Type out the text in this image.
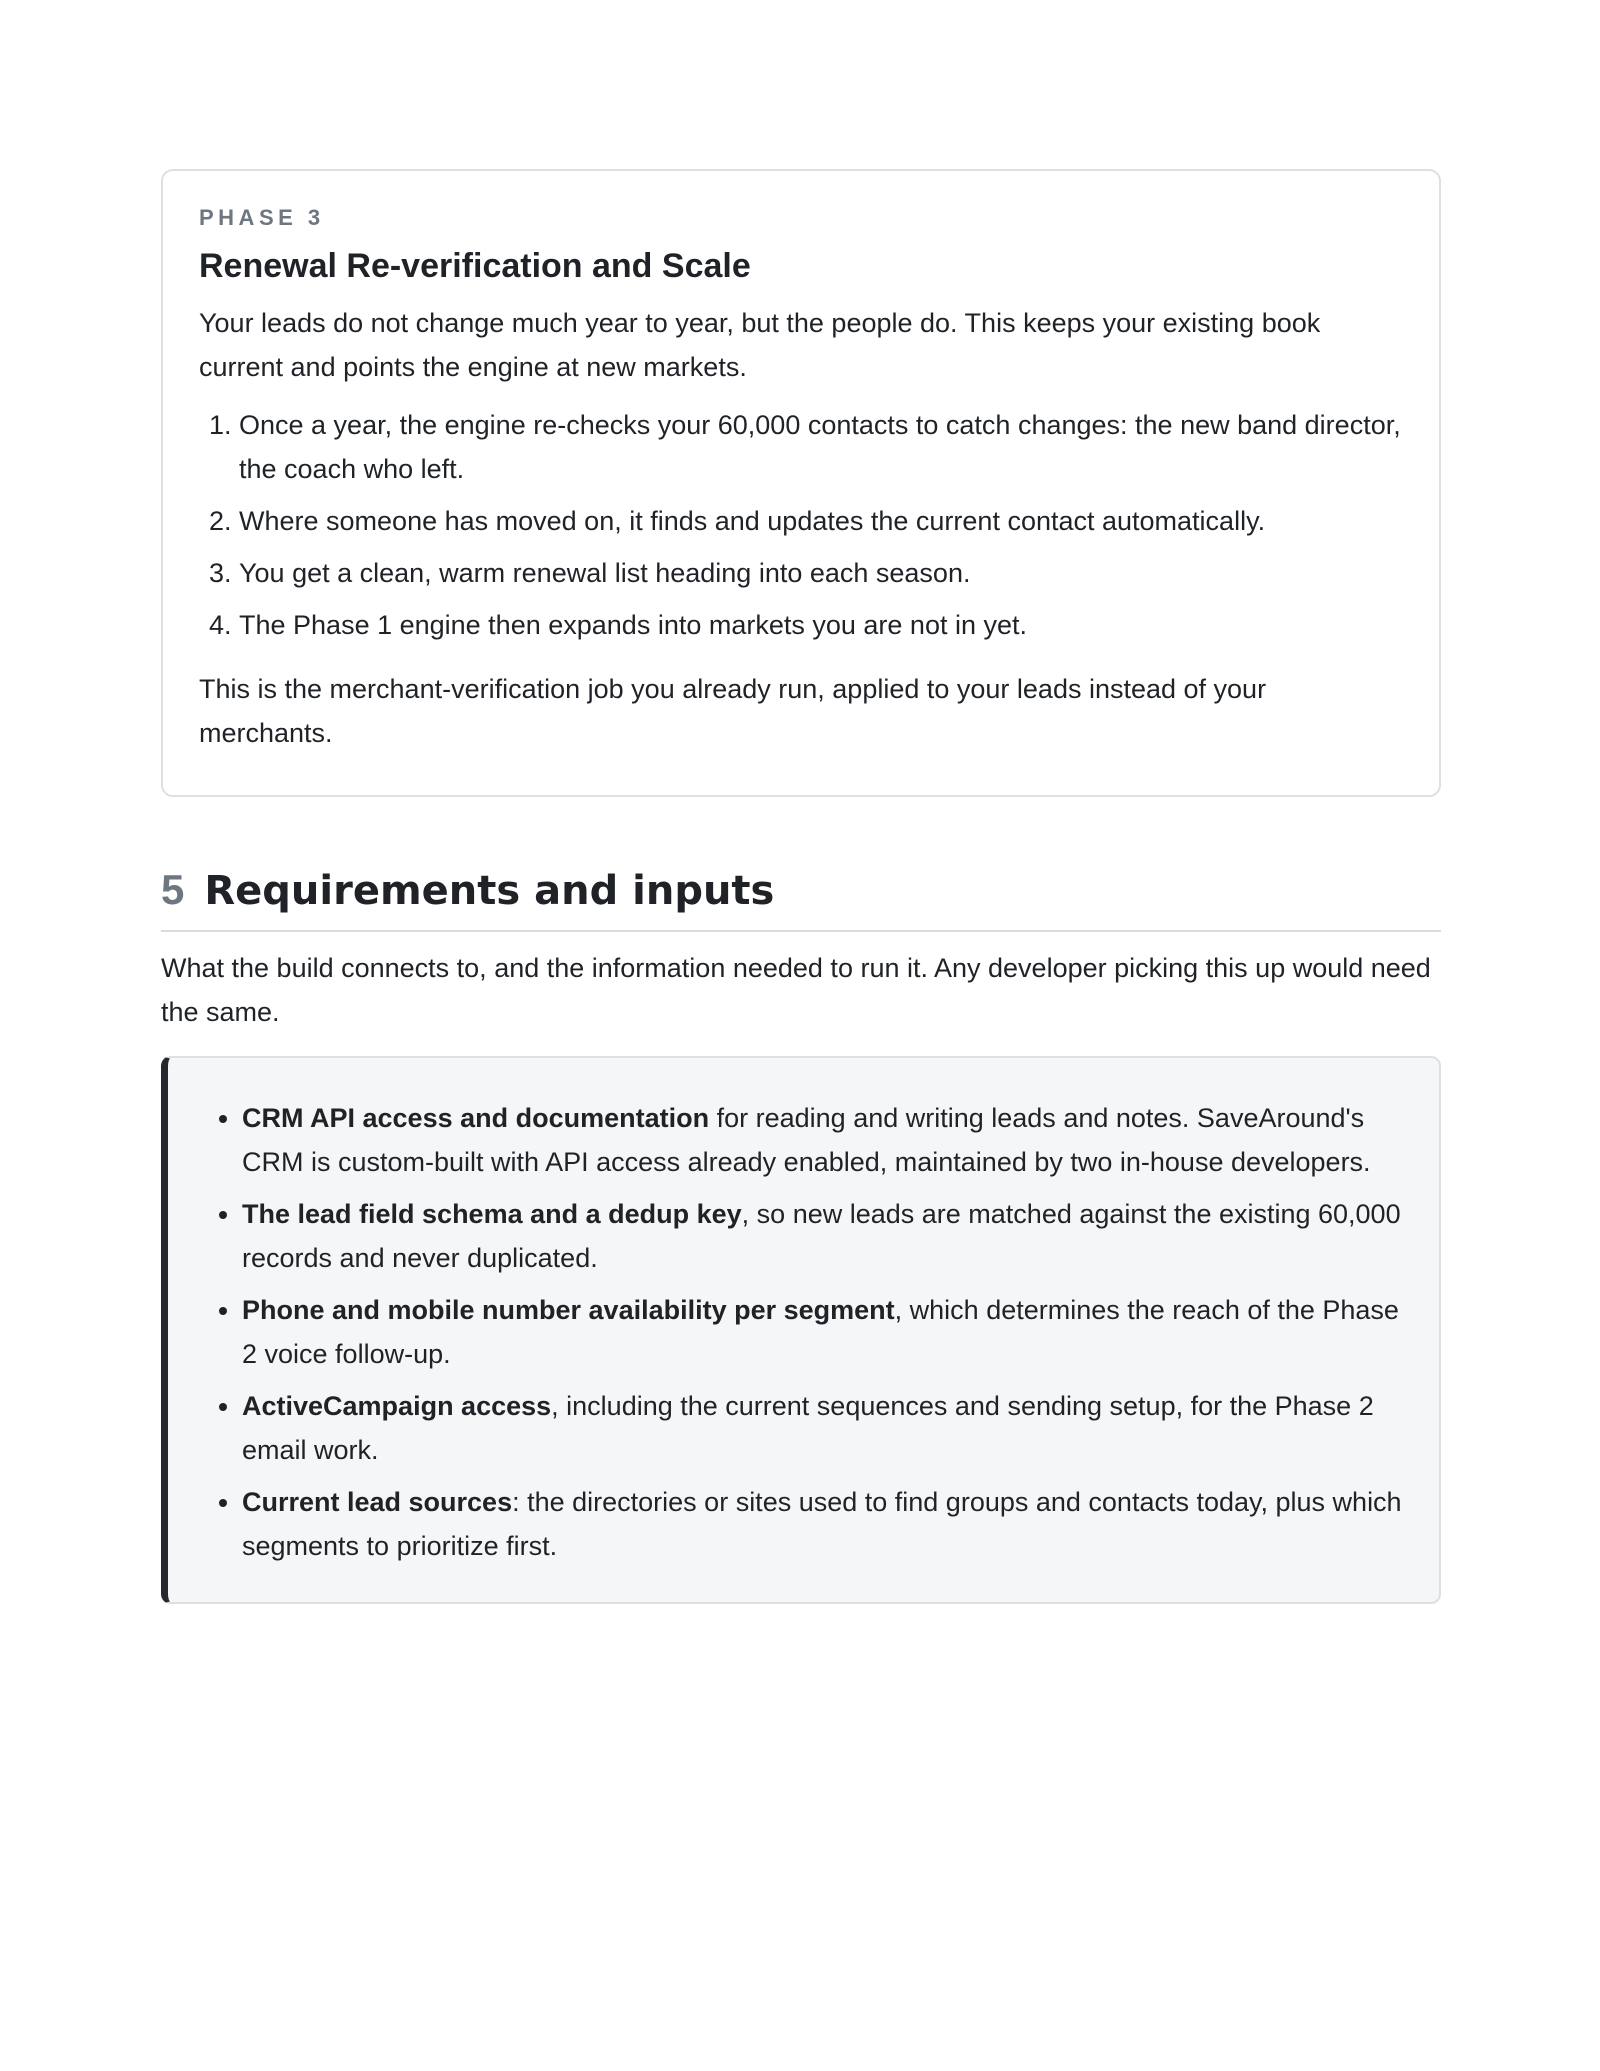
PHASE 3
Renewal Re-verification and Scale

Your leads do not change much year to year, but the people do. This keeps your existing book current and points the engine at new markets.

1. Once a year, the engine re-checks your 60,000 contacts to catch changes: the new band director, the coach who left.
2. Where someone has moved on, it finds and updates the current contact automatically.
3. You get a clean, warm renewal list heading into each season.
4. The Phase 1 engine then expands into markets you are not in yet.

This is the merchant-verification job you already run, applied to your leads instead of your merchants.

5 Requirements and inputs

What the build connects to, and the information needed to run it. Any developer picking this up would need the same.

• CRM API access and documentation for reading and writing leads and notes. SaveAround's CRM is custom-built with API access already enabled, maintained by two in-house developers.
• The lead field schema and a dedup key, so new leads are matched against the existing 60,000 records and never duplicated.
• Phone and mobile number availability per segment, which determines the reach of the Phase 2 voice follow-up.
• ActiveCampaign access, including the current sequences and sending setup, for the Phase 2 email work.
• Current lead sources: the directories or sites used to find groups and contacts today, plus which segments to prioritize first.
